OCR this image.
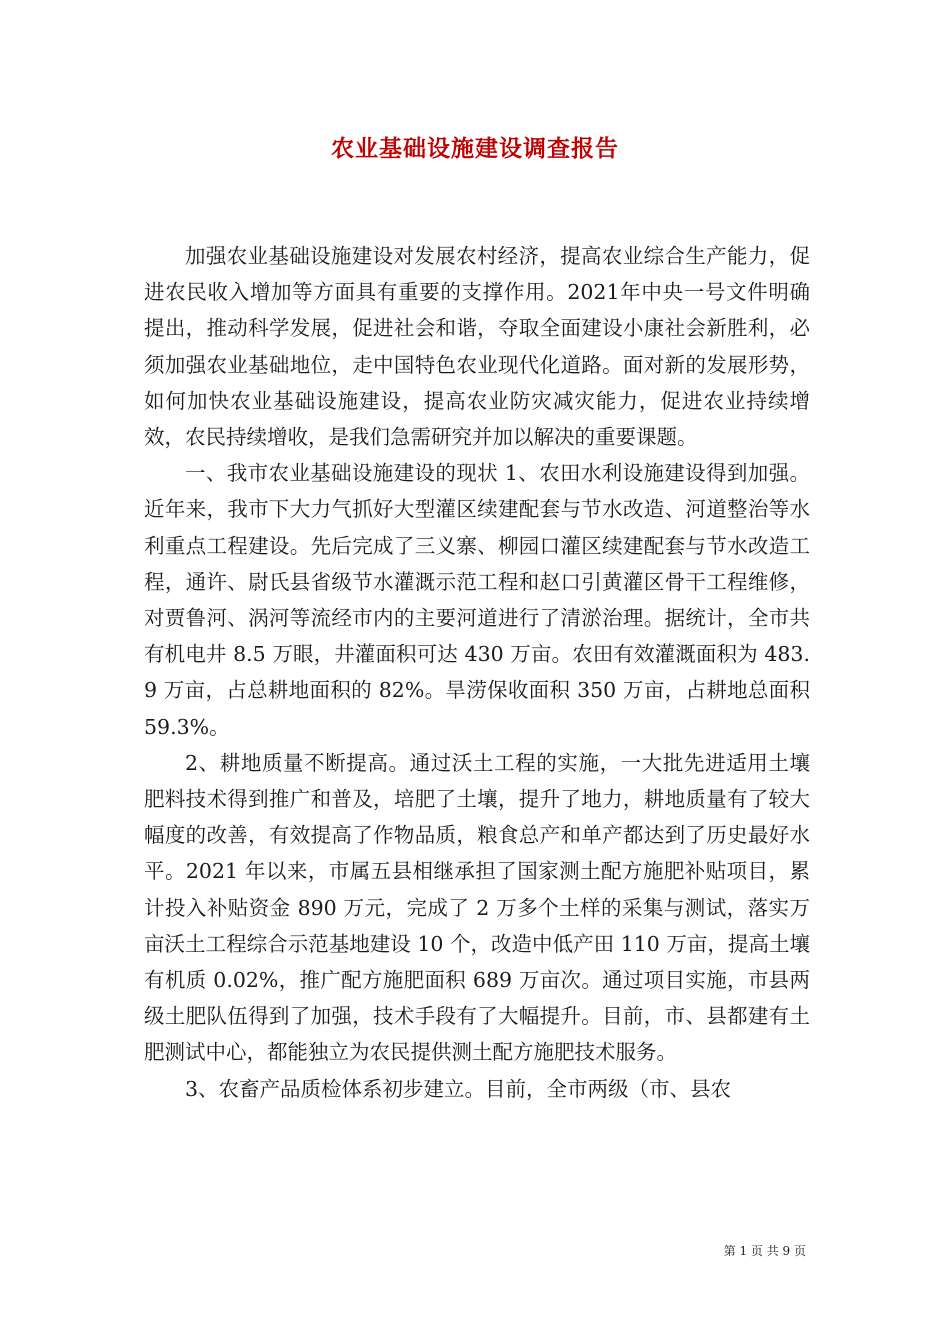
农业基础设施建设调查报告

加强农业基础设施建设对发展农村经济，提高农业综合生产能力，促进农民收入增加等方面具有重要的支撑作用。2021年中央一号文件明确提出，推动科学发展，促进社会和谐，夺取全面建设小康社会新胜利，必须加强农业基础地位，走中国特色农业现代化道路。面对新的发展形势，如何加快农业基础设施建设，提高农业防灾减灾能力，促进农业持续增效，农民持续增收，是我们急需研究并加以解决的重要课题。

一、我市农业基础设施建设的现状 1、农田水利设施建设得到加强。近年来，我市下大力气抓好大型灌区续建配套与节水改造、河道整治等水利重点工程建设。先后完成了三义寨、柳园口灌区续建配套与节水改造工程，通许、尉氏县省级节水灌溉示范工程和赵口引黄灌区骨干工程维修，对贾鲁河、涡河等流经市内的主要河道进行了清淤治理。据统计，全市共有机电井 8.5 万眼，井灌面积可达 430 万亩。农田有效灌溉面积为 483.9 万亩，占总耕地面积的 82%。旱涝保收面积 350 万亩，占耕地总面积 59.3%。

2、耕地质量不断提高。通过沃土工程的实施，一大批先进适用土壤肥料技术得到推广和普及，培肥了土壤，提升了地力，耕地质量有了较大幅度的改善，有效提高了作物品质，粮食总产和单产都达到了历史最好水平。2021 年以来，市属五县相继承担了国家测土配方施肥补贴项目，累计投入补贴资金 890 万元，完成了 2 万多个土样的采集与测试，落实万亩沃土工程综合示范基地建设 10 个，改造中低产田 110 万亩，提高土壤有机质 0.02%，推广配方施肥面积 689 万亩次。通过项目实施，市县两级土肥队伍得到了加强，技术手段有了大幅提升。目前，市、县都建有土肥测试中心，都能独立为农民提供测土配方施肥技术服务。

3、农畜产品质检体系初步建立。目前，全市两级（市、县农

第 1 页 共 9 页
